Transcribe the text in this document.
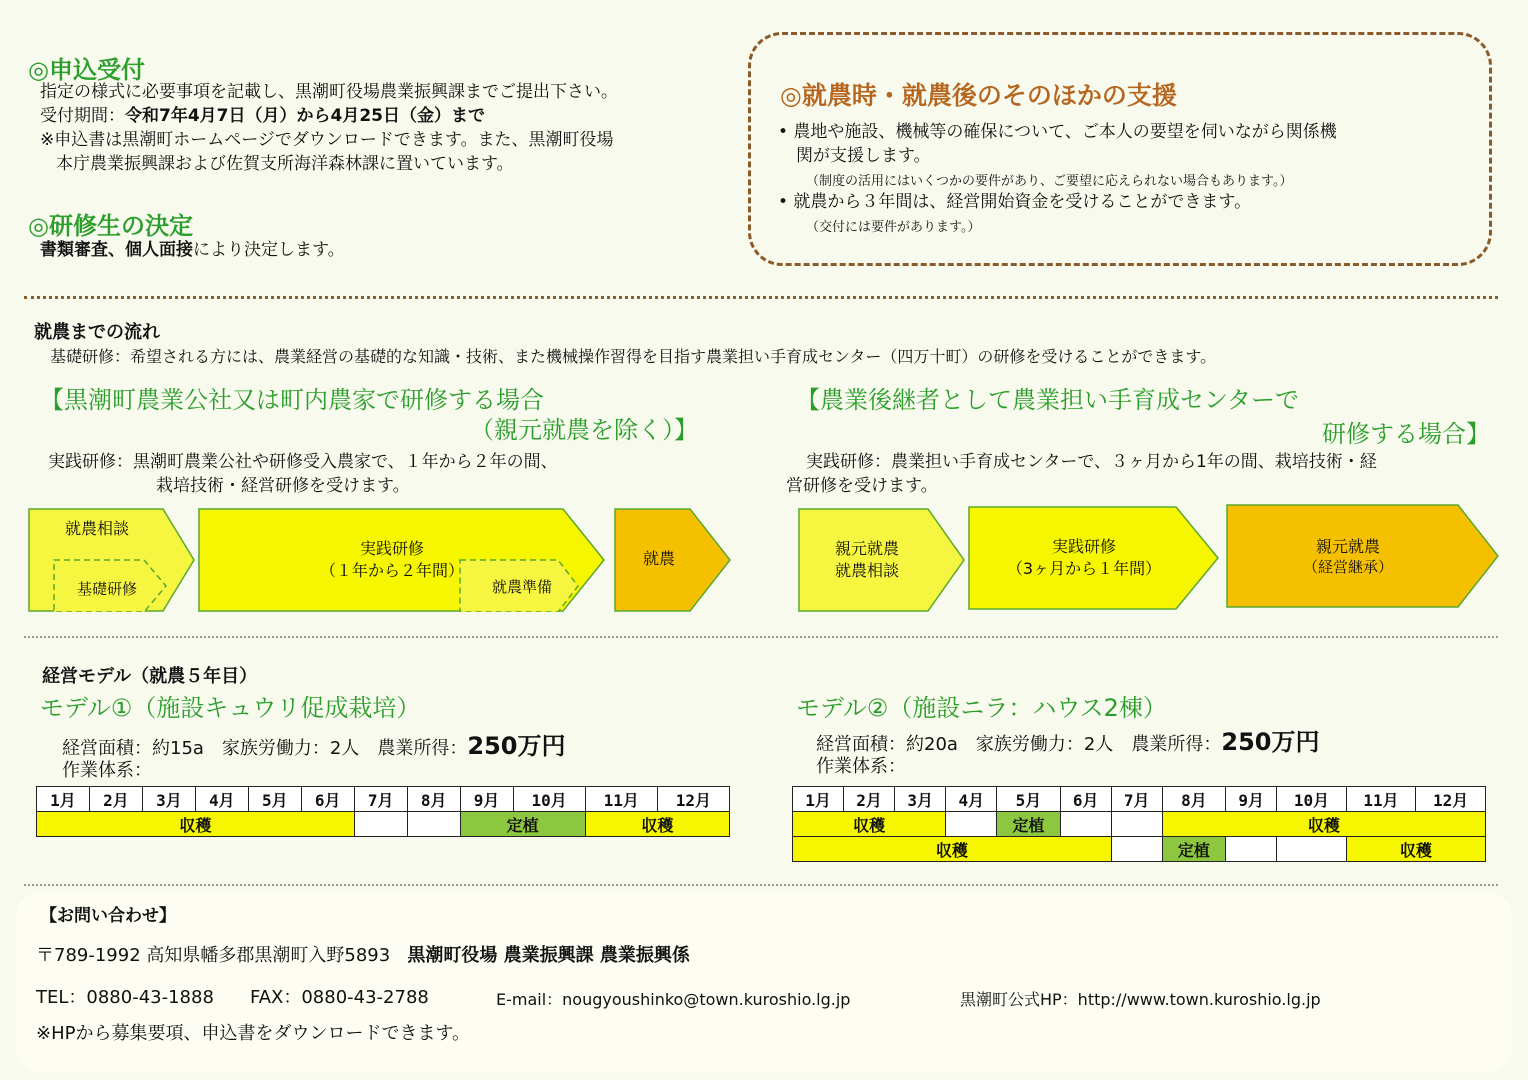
◎申込受付
指定の様式に必要事項を記載し、黒潮町役場農業振興課までご提出下さい。
受付期間：令和7年4月7日（月）から4月25日（金）まで
※申込書は黒潮町ホームページでダウンロードできます。また、黒潮町役場
本庁農業振興課および佐賀支所海洋森林課に置いています。
◎研修生の決定
書類審査、個人面接により決定します。
◎就農時・就農後のそのほかの支援
• 農地や施設、機械等の確保について、ご本人の要望を伺いながら関係機
関が支援します。
（制度の活用にはいくつかの要件があり、ご要望に応えられない場合もあります。）
• 就農から３年間は、経営開始資金を受けることができます。
（交付には要件があります。）
就農までの流れ
基礎研修：希望される方には、農業経営の基礎的な知識・技術、また機械操作習得を目指す農業担い手育成センター（四万十町）の研修を受けることができます。
【黒潮町農業公社又は町内農家で研修する場合
（親元就農を除く）】
実践研修：黒潮町農業公社や研修受入農家で、１年から２年の間、
栽培技術・経営研修を受けます。
【農業後継者として農業担い手育成センターで
研修する場合】
実践研修：農業担い手育成センターで、３ヶ月から1年の間、栽培技術・経
営研修を受けます。
就農相談
基礎研修
実践研修
（１年から２年間）
就農準備
就農
親元就農
就農相談
実践研修
（3ヶ月から１年間）
親元就農
（経営継承）
経営モデル（就農５年目）
モデル①（施設キュウリ促成栽培）
経営面積：約15a　家族労働力：2人　農業所得：250万円
作業体系：
モデル②（施設ニラ：ハウス2棟）
経営面積：約20a　家族労働力：2人　農業所得：250万円
作業体系：
1月	2月	3月	4月	5月	6月	7月	8月	9月	10月	11月	12月
収穫								定植		収穫	
1月	2月	3月	4月	5月	6月	7月	8月	9月	10月	11月	12月
収穫				定植			収穫				
収穫							定植			収穫	
【お問い合わせ】
〒789-1992 高知県幡多郡黒潮町入野5893 黒潮町役場 農業振興課 農業振興係
TEL：0880-43-1888 FAX：0880-43-2788	E-mail：nougyoushinko@town.kuroshio.lg.jp	黒潮町公式HP：http://www.town.kuroshio.lg.jp
※HPから募集要項、申込書をダウンロードできます。
